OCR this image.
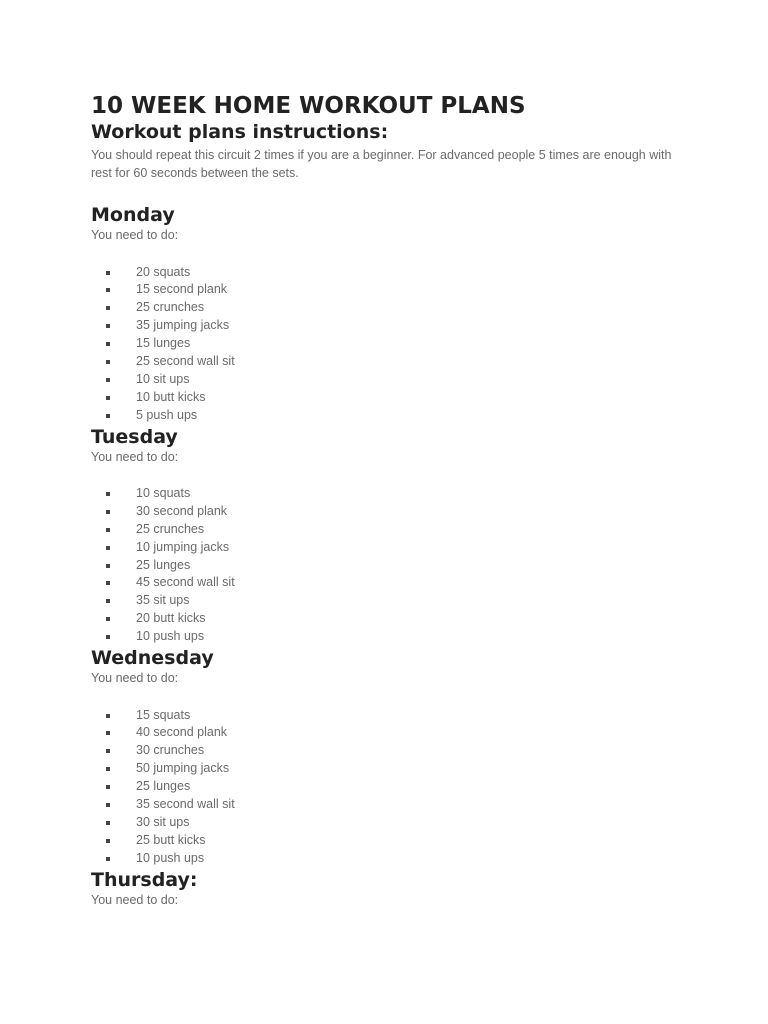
10 WEEK HOME WORKOUT PLANS
Workout plans instructions:

You should repeat this circuit 2 times if you are a beginner. For advanced people 5 times are enough with rest for 60 seconds between the sets.

Monday

You need to do:

20 squats
15 second plank
25 crunches
35 jumping jacks
15 lunges
25 second wall sit
10 sit ups
10 butt kicks
5 push ups
Tuesday

You need to do:

10 squats
30 second plank
25 crunches
10 jumping jacks
25 lunges
45 second wall sit
35 sit ups
20 butt kicks
10 push ups
Wednesday

You need to do:

15 squats
40 second plank
30 crunches
50 jumping jacks
25 lunges
35 second wall sit
30 sit ups
25 butt kicks
10 push ups
Thursday:

You need to do:
